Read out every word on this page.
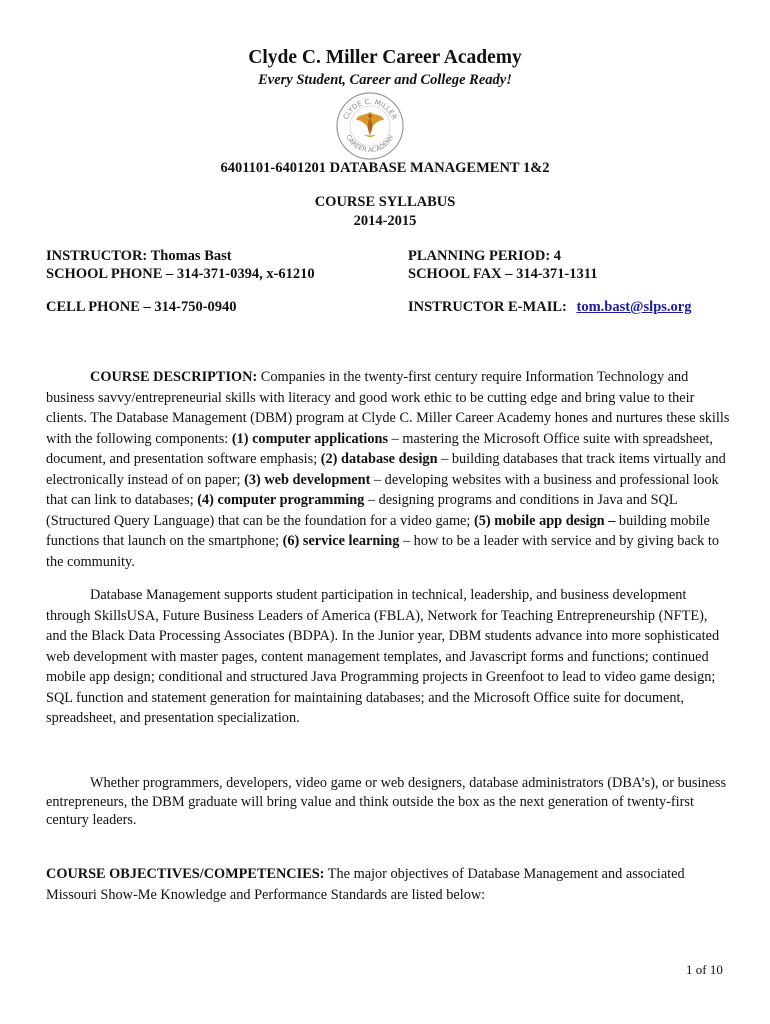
Clyde C. Miller Career Academy
Every Student, Career and College Ready!
CLYDE C. MILLER
CAREER ACADEMY
6401101-6401201 DATABASE MANAGEMENT 1&2
COURSE SYLLABUS
2014-2015
INSTRUCTOR: Thomas Bast
SCHOOL PHONE – 314-371-0394, x-61210
CELL PHONE – 314-750-0940
PLANNING PERIOD: 4
SCHOOL FAX – 314-371-1311
INSTRUCTOR E-MAIL: tom.bast@slps.org
COURSE DESCRIPTION: Companies in the twenty-first century require Information Technology and business savvy/entrepreneurial skills with literacy and good work ethic to be cutting edge and bring value to their clients. The Database Management (DBM) program at Clyde C. Miller Career Academy hones and nurtures these skills with the following components: (1) computer applications – mastering the Microsoft Office suite with spreadsheet, document, and presentation software emphasis; (2) database design – building databases that track items virtually and electronically instead of on paper; (3) web development – developing websites with a business and professional look that can link to databases; (4) computer programming – designing programs and conditions in Java and SQL (Structured Query Language) that can be the foundation for a video game; (5) mobile app design – building mobile functions that launch on the smartphone; (6) service learning – how to be a leader with service and by giving back to the community.
Database Management supports student participation in technical, leadership, and business development through SkillsUSA, Future Business Leaders of America (FBLA), Network for Teaching Entrepreneurship (NFTE), and the Black Data Processing Associates (BDPA). In the Junior year, DBM students advance into more sophisticated web development with master pages, content management templates, and Javascript forms and functions; continued mobile app design; conditional and structured Java Programming projects in Greenfoot to lead to video game design; SQL function and statement generation for maintaining databases; and the Microsoft Office suite for document, spreadsheet, and presentation specialization.
Whether programmers, developers, video game or web designers, database administrators (DBA’s), or business entrepreneurs, the DBM graduate will bring value and think outside the box as the next generation of twenty-first century leaders.
COURSE OBJECTIVES/COMPETENCIES: The major objectives of Database Management and associated Missouri Show-Me Knowledge and Performance Standards are listed below:
1 of 10
